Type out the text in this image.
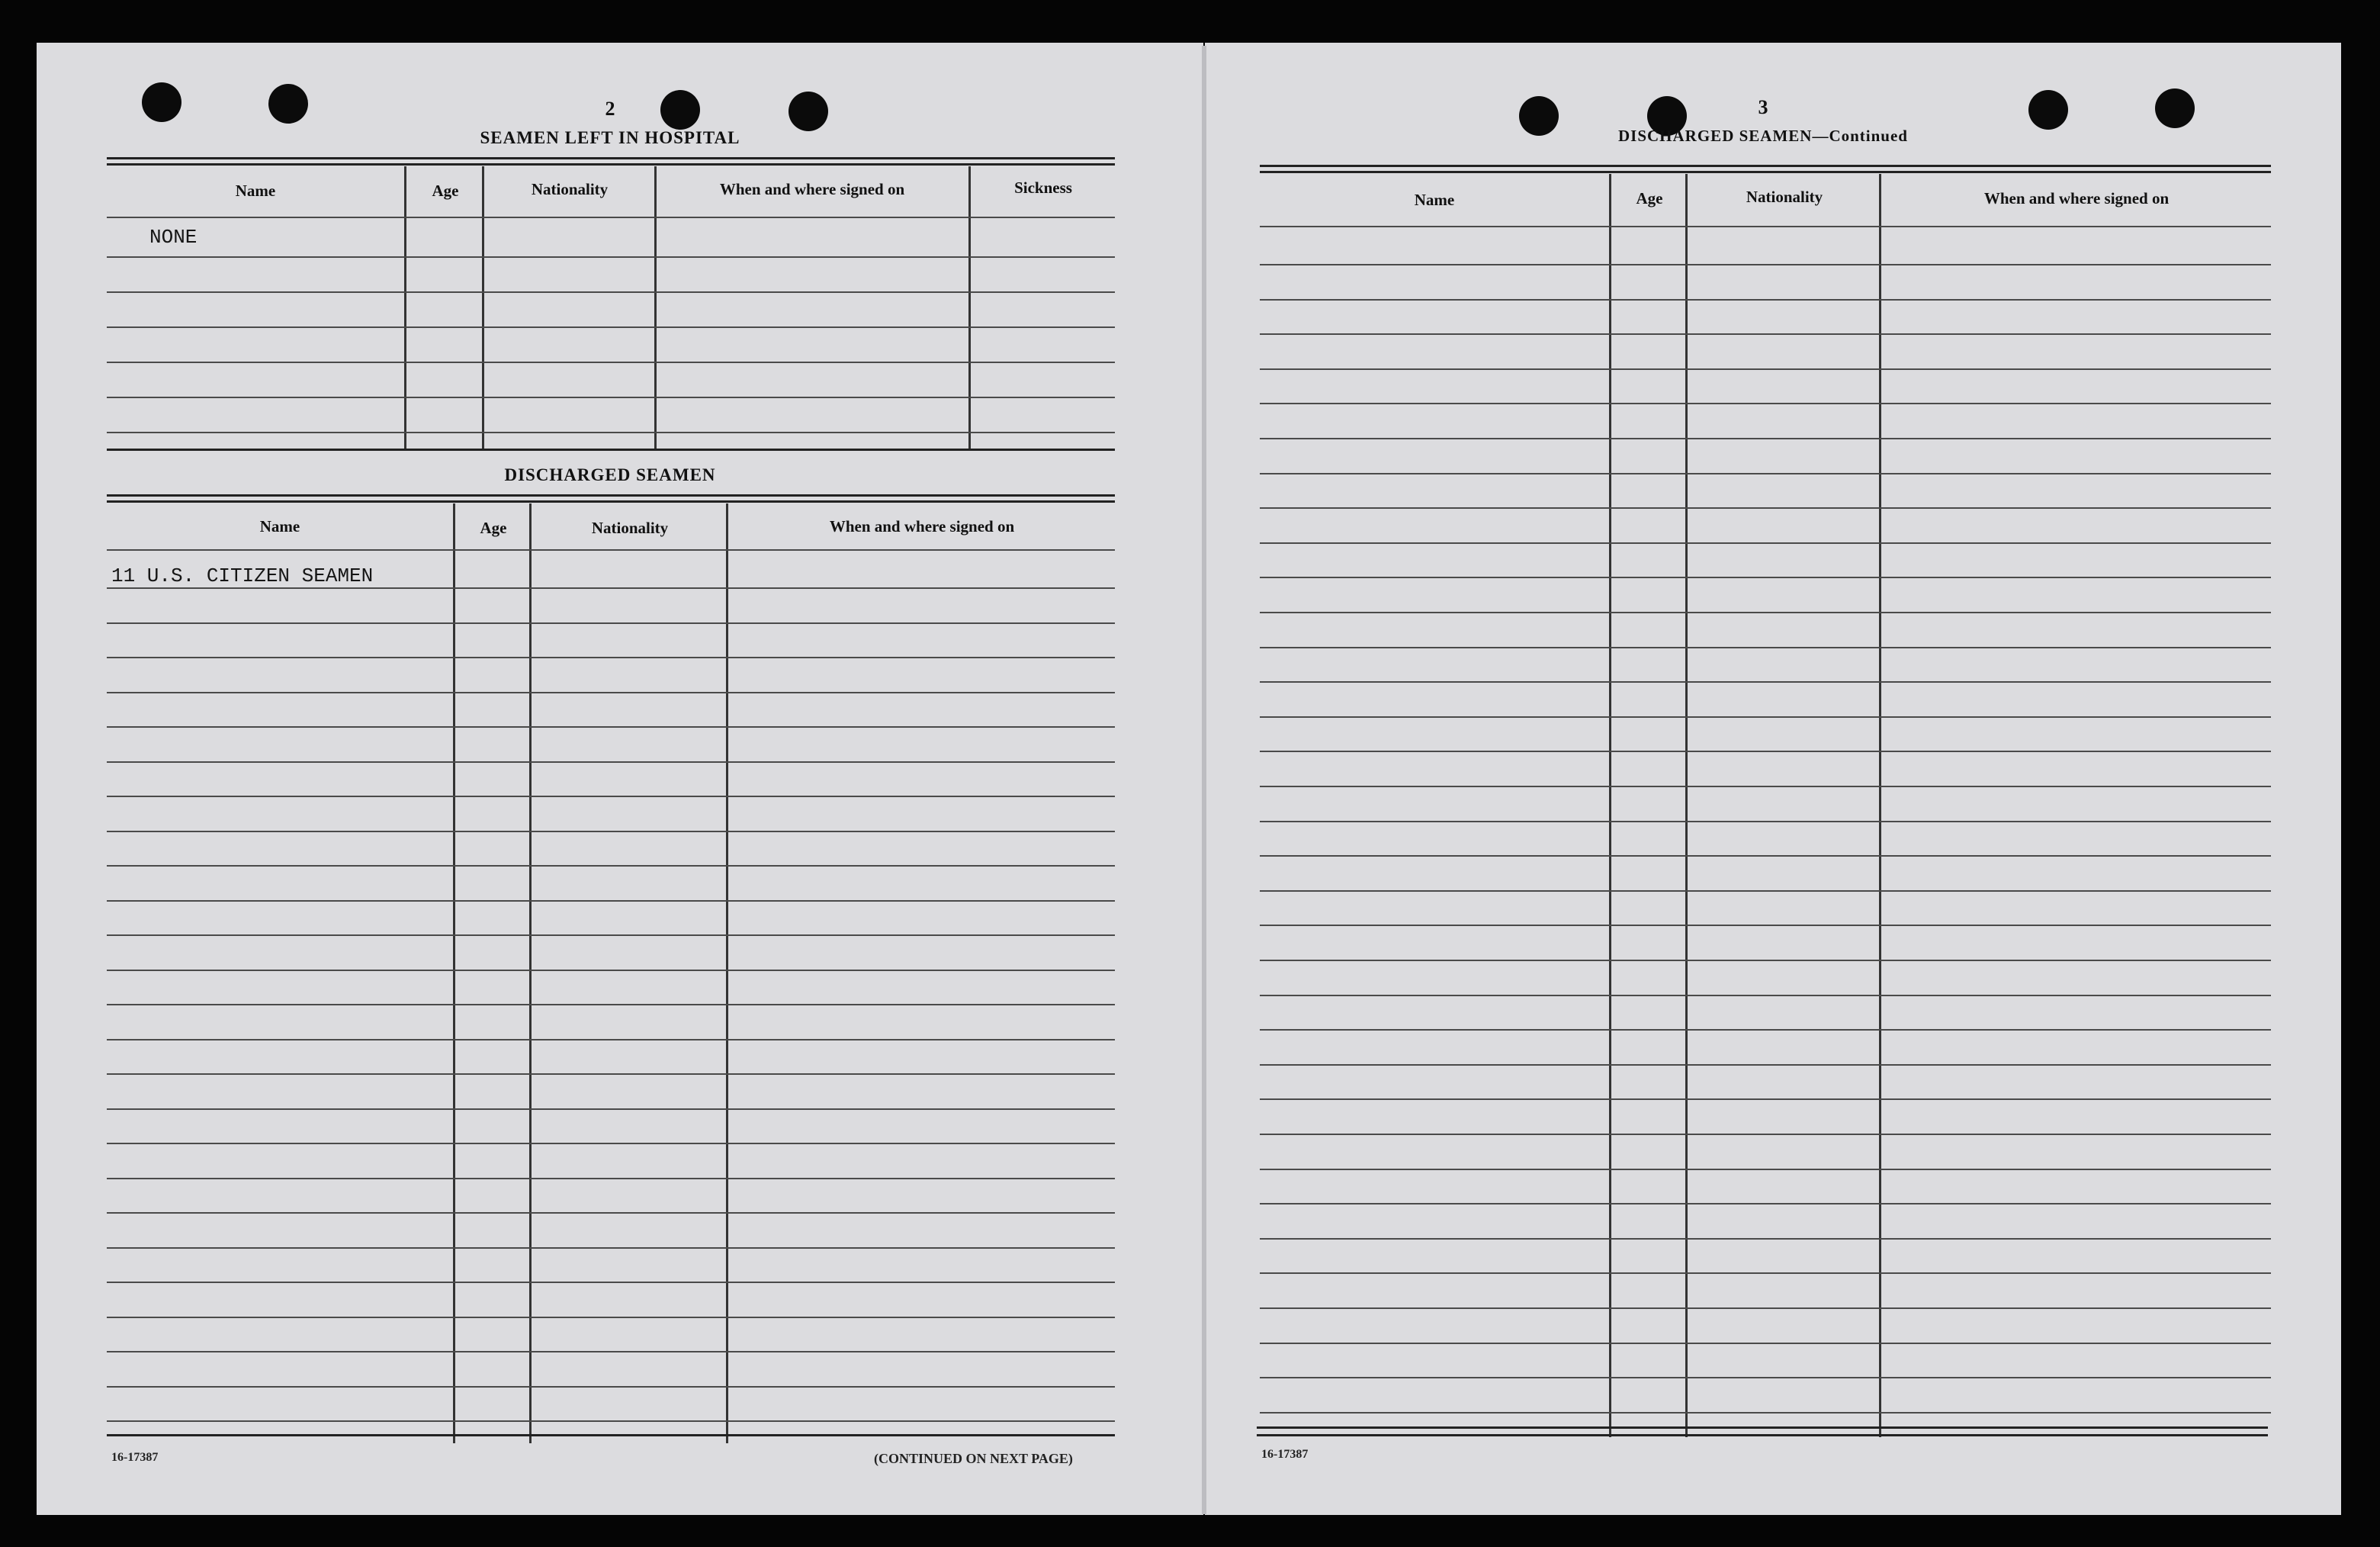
2
SEAMEN LEFT IN HOSPITAL
Name	Age	Nationality	When and where signed on	Sickness
NONE
DISCHARGED SEAMEN
Name	Age	Nationality	When and where signed on
11 U.S. CITIZEN SEAMEN
16-17387	(CONTINUED ON NEXT PAGE)
3
DISCHARGED SEAMEN—Continued
Name	Age	Nationality	When and where signed on
16-17387
